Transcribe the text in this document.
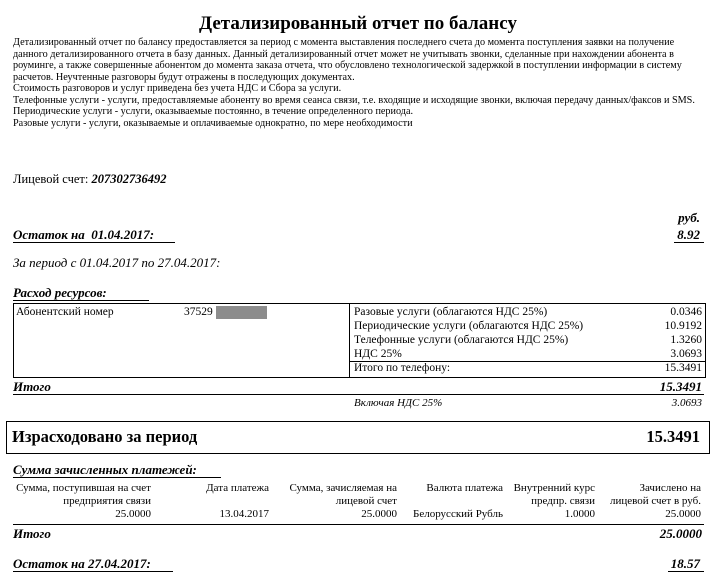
Детализированный отчет по балансу

Детализированный отчет по балансу предоставляется за период с момента выставления последнего счета до момента поступления заявки на получение данного детализированного отчета в базу данных. Данный детализированный отчет может не учитывать звонки, сделанные при нахождении абонента в роуминге, а также совершенные абонентом до момента заказа отчета, что обусловлено технологической задержкой в поступлении информации в систему расчетов. Неучтенные разговоры будут отражены в последующих документах.

Стоимость разговоров и услуг приведена без учета НДС и Сбора за услуги.

Телефонные услуги - услуги, предоставляемые абоненту во время сеанса связи, т.е. входящие и исходящие звонки, включая передачу данных/факсов и SMS.

Периодические услуги - услуги, оказываемые постоянно, в течение определенного периода.

Разовые услуги - услуги, оказываемые и оплачиваемые однократно, по мере необходимости

Лицевой счет: 207302736492
руб.
Остаток на 01.04.2017:	8.92
За период с 01.04.2017 по 27.04.2017:
Расход ресурсов:
Абонентский номер	37529	Разовые услуги (облагаются НДС 25%)	0.0346
Периодические услуги (облагаются НДС 25%)	10.9192
Телефонные услуги (облагаются НДС 25%)	1.3260
НДС 25%	3.0693
Итого по телефону:	15.3491
Итого	15.3491
Включая НДС 25%	3.0693
Израсходовано за период	15.3491
Сумма зачисленных платежей:
Сумма, поступившая на счет предприятия связи	Дата платежа	Сумма, зачисляемая на лицевой счет	Валюта платежа	Внутренний курс предпр. связи	Зачислено на лицевой счет в руб.
25.0000	13.04.2017	25.0000	Белорусский Рубль	1.0000	25.0000
Итого	25.0000
Остаток на 27.04.2017:	18.57
